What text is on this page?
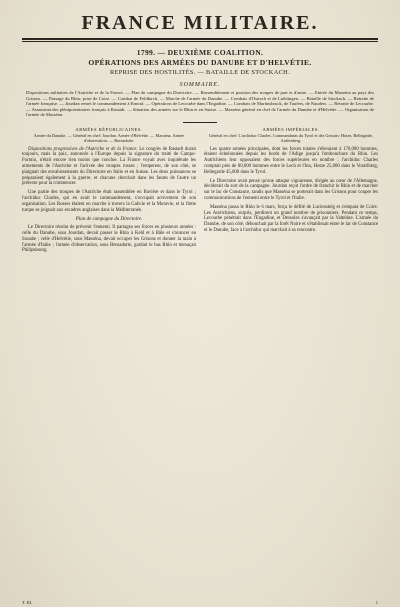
FRANCE MILITAIRE.
1799. — DEUXIÈME COALITION.
OPÉRATIONS DES ARMÉES DU DANUBE ET D'HELVÉTIE.
REPRISE DES HOSTILITÉS. — BATAILLE DE STOCKACH.
SOMMAIRE.
Dispositions militaires de l'Autriche et de la France. — Plan de campagne du Directoire. — Rassemblement et position des troupes de part et d'autre. — Entrée du Masséna au pays des Grisons. — Passage du Rhin; prise de Coire. — Combat de Feldkirch. — Marche de l'armée du Danube. — Combats d'Ostrach et de Liebtingen. — Bataille de Stockach. — Retraite de l'armée française. — Jourdan remet le commandement à Ernouf. — Opérations de Lecourbe dans l'Engadine. — Combats de Martinsbruck, de Taufers, de Nauders. — Retraite de Lecourbe. — Assassinat des plénipotentiaires français à Rastadt. — Situation des armées sur le Rhin et en Suisse. — Masséna général en chef de l'armée du Danube et d'Helvétie. — Organisation de l'armée de Masséna.
ARMÉES RÉPUBLICAINES.
Armée du Danube. — Général en chef: Jourdan. Armée d'Helvétie. — Masséna. Armée d'observation. — Bernadotte.
ARMÉES IMPÉRIALES.
Général en chef: L'archiduc Charles. Commandants du Tyrol et des Grisons: Hotze, Bellegarde, Auffenberg.

Dispositions progressives de l'Autriche et de la France. Le congrès de Rastadt durait toujours, mais la paix, annoncée à l'Europe depuis la signature du traité de Campo-Formio, n'était encore rien moins que conclue. La France voyait avec inquiétude les armements de l'Autriche et l'arrivée des troupes russes ; l'empereur, de son côté, se plaignait des envahissements du Directoire en Italie et en Suisse. Les deux puissances se préparaient également à la guerre, et chacune cherchait dans les fautes de l'autre un prétexte pour la commencer.

Une partie des troupes de l'Autriche était rassemblée en Bavière et dans le Tyrol ; l'archiduc Charles, qui en avait le commandement, s'occupait activement de son organisation. Les Russes étaient en marche à travers la Galicie et la Moravie, et la flotte turque se joignait aux escadres anglaises dans la Méditerranée.

Plan de campagne du Directoire.

Le Directoire résolut de prévenir l'ennemi. Il partagea ses forces en plusieurs armées : celle du Danube, sous Jourdan, devait passer le Rhin à Kehl et à Bâle et s'avancer en Souabe ; celle d'Helvétie, sous Masséna, devait occuper les Grisons et donner la main à l'armée d'Italie ; l'armée d'observation, sous Bernadotte, gardait le bas Rhin et menaçait Philipsbourg.

Les quatre armées principales, dont les forces totales s'élevaient à 170,000 hommes, étaient échelonnées depuis les bords de l'Adige jusqu'à l'embouchure du Rhin. Les Autrichiens leur opposaient des forces supérieures en nombre ; l'archiduc Charles comptait près de 80,000 hommes entre le Lech et l'Inn, Hotze 25,000 dans le Vorarlberg, Bellegarde 45,000 dans le Tyrol.

Le Directoire avait pensé qu'une attaque vigoureuse, dirigée au cœur de l'Allemagne, déciderait du sort de la campagne. Jourdan reçut l'ordre de franchir le Rhin et de marcher sur le lac de Constance, tandis que Masséna se porterait dans les Grisons pour couper les communications de l'ennemi entre le Tyrol et l'Italie.

Masséna passa le Rhin le 6 mars, força le défilé de Luciensteig et s'empara de Coire. Les Autrichiens, surpris, perdirent un grand nombre de prisonniers. Pendant ce temps, Lecourbe pénétrait dans l'Engadine, et Dessoles s'avançait par la Valteline. L'armée du Danube, de son côté, débouchait par la forêt Noire et s'établissait entre le lac de Constance et le Danube, face à l'archiduc qui marchait à sa rencontre.

T. III.	1
